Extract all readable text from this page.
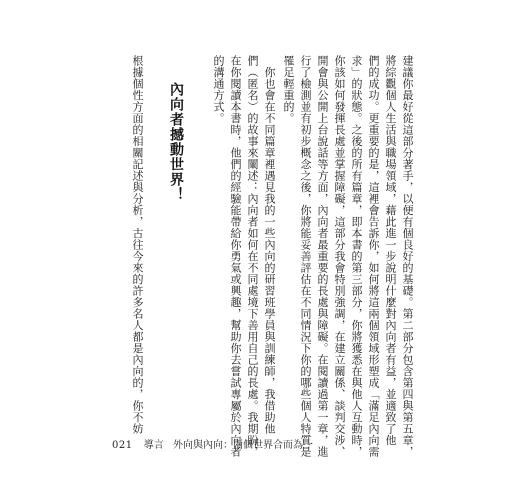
建議你最好從這部分著手，以便有個良好的基礎。第二部分包含第四與第五章，
將綜觀個人生活與職場領域，藉此進一步說明什麼對內向者有益，並適致了他
們的成功。更重要的是，這裡會告訴你，如何將這兩個領域形塑成「滿足內向需
求」的狀態。之後的所有篇章，即本書的第三部分，你將獲悉在與他人互動時，
你該如何發揮長處並掌握障礙，這部分我會特別強調，在建立關係、談判交涉、
開會與公開上台說話等方面，內向者最重要的長處與障礙。在閱讀過第一章，進
行了檢測並有初步概念之後，你將能妥善評估在不同情況下你的哪些個人特質是
罹足輕重的。
　你也會在不同篇章裡遇見我的一些內向的研習班學員與訓練師，我借助他
們（匿名）的故事來闡述：內向者如何在不同處境下善用自己的長處。我期盼，
在你閱讀本書時，他們的經驗能帶給你勇氣或興趣，幫助你去嘗試專屬於內向者
的溝通方式。
內向者撼動世界！
根據個性方面的相關記述與分析，古往今來的許多名人都是內向的，你不妨
021 導言 外向與內向：兩個世界合而為一
